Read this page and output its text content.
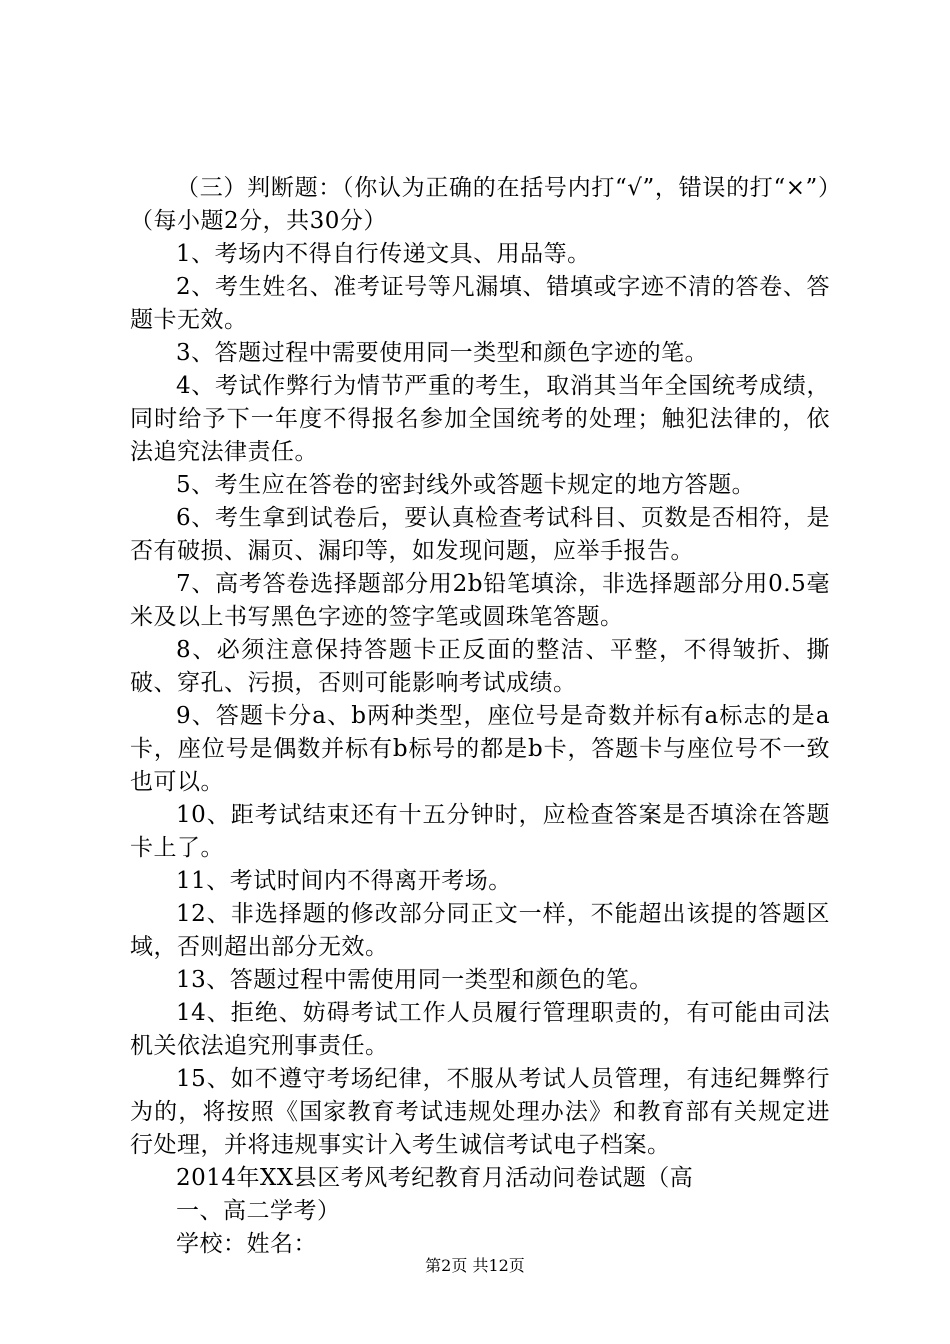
（三）判断题：（你认为正确的在括号内打“√”，错误的打“×”）（每小题2分，共30分）

1、考场内不得自行传递文具、用品等。

2、考生姓名、准考证号等凡漏填、错填或字迹不清的答卷、答题卡无效。

3、答题过程中需要使用同一类型和颜色字迹的笔。

4、考试作弊行为情节严重的考生，取消其当年全国统考成绩，同时给予下一年度不得报名参加全国统考的处理；触犯法律的，依法追究法律责任。

5、考生应在答卷的密封线外或答题卡规定的地方答题。

6、考生拿到试卷后，要认真检查考试科目、页数是否相符，是否有破损、漏页、漏印等，如发现问题，应举手报告。

7、高考答卷选择题部分用2b铅笔填涂，非选择题部分用0.5毫米及以上书写黑色字迹的签字笔或圆珠笔答题。

8、必须注意保持答题卡正反面的整洁、平整，不得皱折、撕破、穿孔、污损，否则可能影响考试成绩。

9、答题卡分a、b两种类型，座位号是奇数并标有a标志的是a卡，座位号是偶数并标有b标号的都是b卡，答题卡与座位号不一致也可以。

10、距考试结束还有十五分钟时，应检查答案是否填涂在答题卡上了。

11、考试时间内不得离开考场。

12、非选择题的修改部分同正文一样，不能超出该提的答题区域，否则超出部分无效。

13、答题过程中需使用同一类型和颜色的笔。

14、拒绝、妨碍考试工作人员履行管理职责的，有可能由司法机关依法追究刑事责任。

15、如不遵守考场纪律，不服从考试人员管理，有违纪舞弊行为的，将按照《国家教育考试违规处理办法》和教育部有关规定进行处理，并将违规事实计入考生诚信考试电子档案。

2014年XX县区考风考纪教育月活动问卷试题（高

一、高二学考）

学校：姓名：

第2页 共12页
